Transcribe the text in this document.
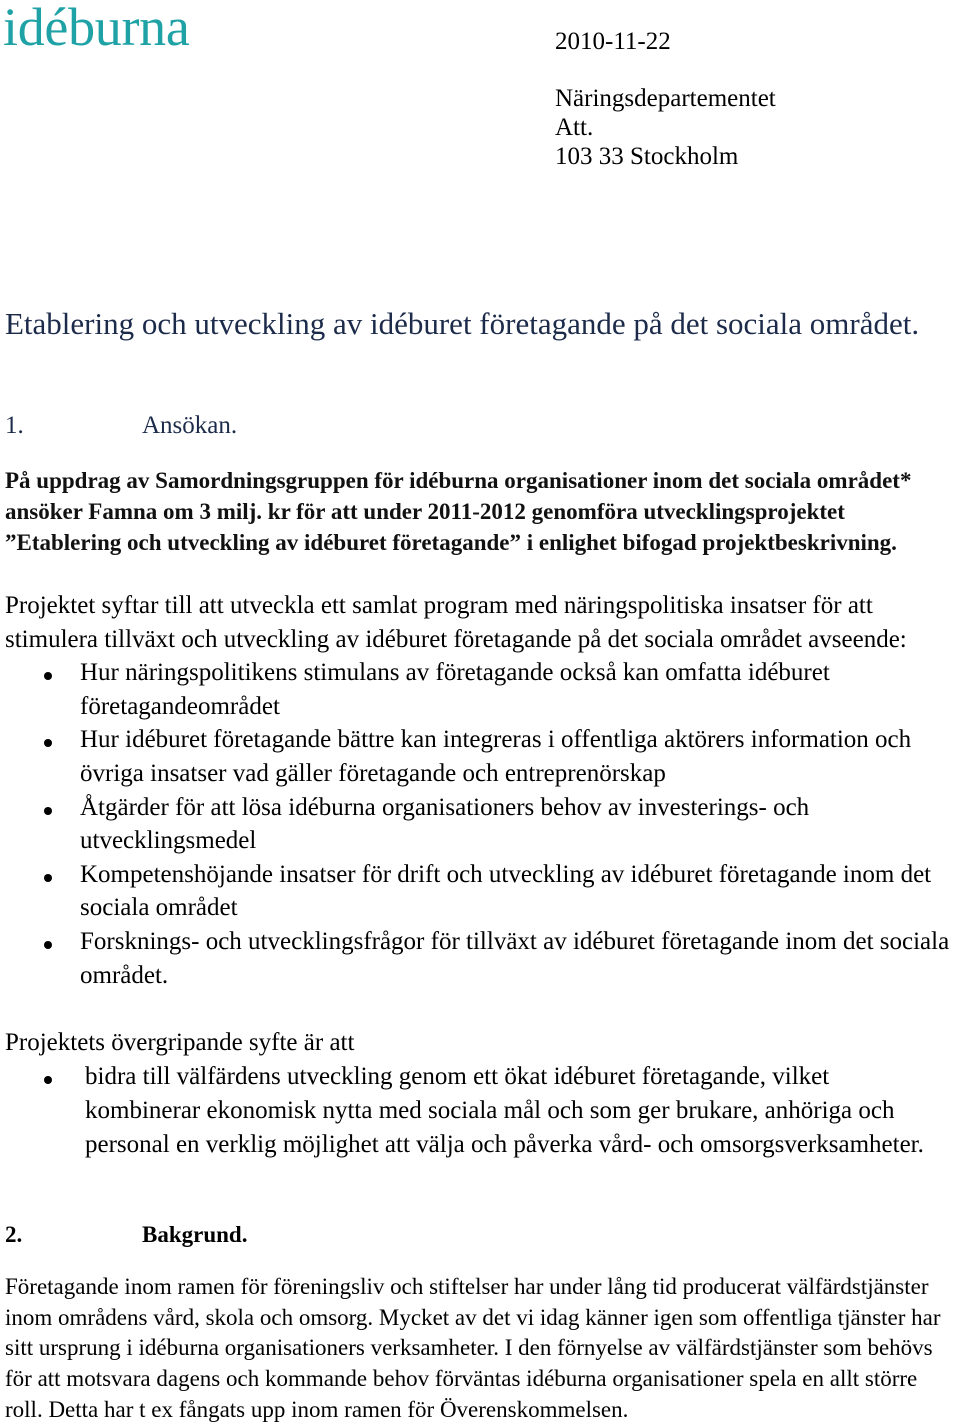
idéburna	2010-11-22
Näringsdepartementet
Att.
103 33 Stockholm
Etablering och utveckling av idéburet företagande på det sociala området.
1.	Ansökan.
På uppdrag av Samordningsgruppen för idéburna organisationer inom det sociala området*
ansöker Famna om 3 milj. kr för att under 2011-2012 genomföra utvecklingsprojektet
”Etablering och utveckling av idéburet företagande” i enlighet bifogad projektbeskrivning.
Projektet syftar till att utveckla ett samlat program med näringspolitiska insatser för att
stimulera tillväxt och utveckling av idéburet företagande på det sociala området avseende:
Hur näringspolitikens stimulans av företagande också kan omfatta idéburet
företagandeområdet
Hur idéburet företagande bättre kan integreras i offentliga aktörers information och
övriga insatser vad gäller företagande och entreprenörskap
Åtgärder för att lösa idéburna organisationers behov av investerings- och
utvecklingsmedel
Kompetenshöjande insatser för drift och utveckling av idéburet företagande inom det
sociala området
Forsknings- och utvecklingsfrågor för tillväxt av idéburet företagande inom det sociala
området.
Projektets övergripande syfte är att
bidra till välfärdens utveckling genom ett ökat idéburet företagande, vilket
kombinerar ekonomisk nytta med sociala mål och som ger brukare, anhöriga och
personal en verklig möjlighet att välja och påverka vård- och omsorgsverksamheter.
2.	Bakgrund.
Företagande inom ramen för föreningsliv och stiftelser har under lång tid producerat välfärdstjänster
inom områdens vård, skola och omsorg. Mycket av det vi idag känner igen som offentliga tjänster har
sitt ursprung i idéburna organisationers verksamheter. I den förnyelse av välfärdstjänster som behövs
för att motsvara dagens och kommande behov förväntas idéburna organisationer spela en allt större
roll. Detta har t ex fångats upp inom ramen för Överenskommelsen.
